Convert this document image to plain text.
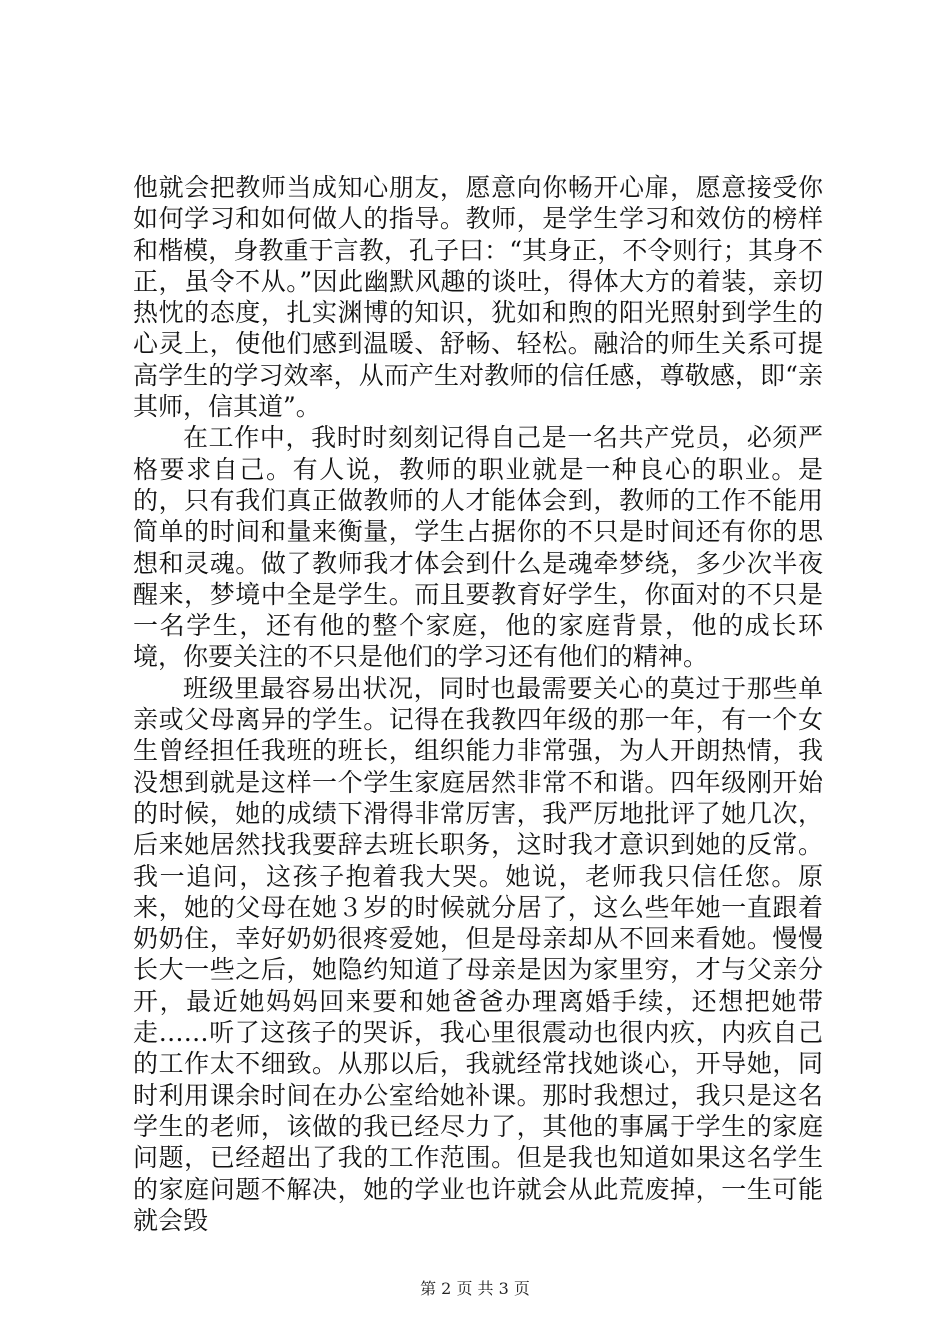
他就会把教师当成知心朋友，愿意向你畅开心扉，愿意接受你如何学习和如何做人的指导。教师，是学生学习和效仿的榜样和楷模，身教重于言教，孔子曰：“其身正，不令则行；其身不正，虽令不从。”因此幽默风趣的谈吐，得体大方的着装，亲切热忱的态度，扎实渊博的知识，犹如和煦的阳光照射到学生的心灵上，使他们感到温暖、舒畅、轻松。融洽的师生关系可提高学生的学习效率，从而产生对教师的信任感，尊敬感，即“亲其师，信其道”。

在工作中，我时时刻刻记得自己是一名共产党员，必须严格要求自己。有人说，教师的职业就是一种良心的职业。是的，只有我们真正做教师的人才能体会到，教师的工作不能用简单的时间和量来衡量，学生占据你的不只是时间还有你的思想和灵魂。做了教师我才体会到什么是魂牵梦绕，多少次半夜醒来，梦境中全是学生。而且要教育好学生，你面对的不只是一名学生，还有他的整个家庭，他的家庭背景，他的成长环境，你要关注的不只是他们的学习还有他们的精神。

班级里最容易出状况，同时也最需要关心的莫过于那些单亲或父母离异的学生。记得在我教四年级的那一年，有一个女生曾经担任我班的班长，组织能力非常强，为人开朗热情，我没想到就是这样一个学生家庭居然非常不和谐。四年级刚开始的时候，她的成绩下滑得非常厉害，我严厉地批评了她几次，后来她居然找我要辞去班长职务，这时我才意识到她的反常。我一追问，这孩子抱着我大哭。她说，老师我只信任您。原来，她的父母在她３岁的时候就分居了，这么些年她一直跟着奶奶住，幸好奶奶很疼爱她，但是母亲却从不回来看她。慢慢长大一些之后，她隐约知道了母亲是因为家里穷，才与父亲分开，最近她妈妈回来要和她爸爸办理离婚手续，还想把她带走……听了这孩子的哭诉，我心里很震动也很内疚，内疚自己的工作太不细致。从那以后，我就经常找她谈心，开导她，同时利用课余时间在办公室给她补课。那时我想过，我只是这名学生的老师，该做的我已经尽力了，其他的事属于学生的家庭问题，已经超出了我的工作范围。但是我也知道如果这名学生的家庭问题不解决，她的学业也许就会从此荒废掉，一生可能就会毁

第 2 页 共 3 页
